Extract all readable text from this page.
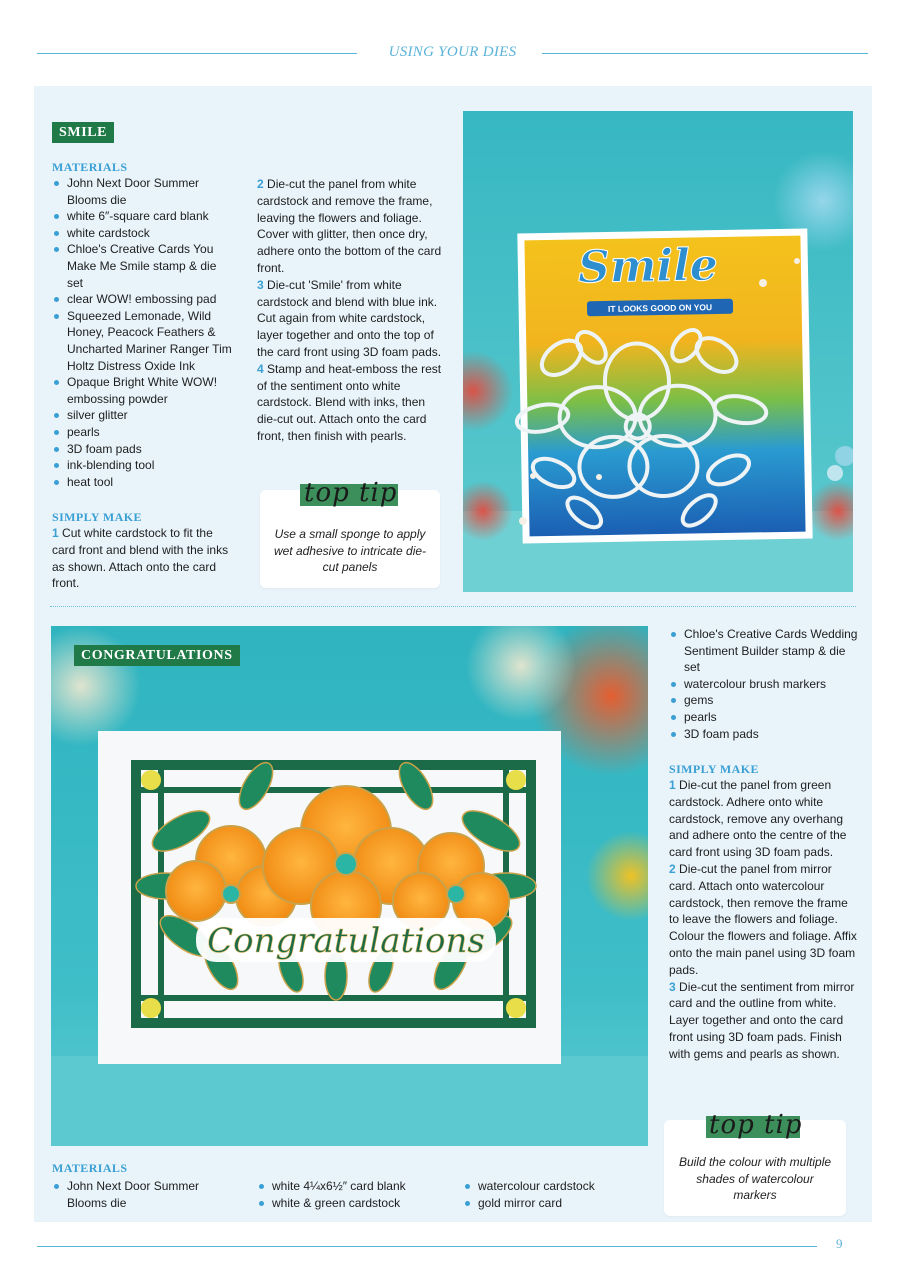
USING YOUR DIES
SMILE
MATERIALS
John Next Door Summer Blooms die
white 6″-square card blank
white cardstock
Chloe's Creative Cards You Make Me Smile stamp & die set
clear WOW! embossing pad
Squeezed Lemonade, Wild Honey, Peacock Feathers & Uncharted Mariner Ranger Tim Holtz Distress Oxide Ink
Opaque Bright White WOW! embossing powder
silver glitter
pearls
3D foam pads
ink-blending tool
heat tool
SIMPLY MAKE

1 Cut white cardstock to fit the card front and blend with the inks as shown. Attach onto the card front.

2 Die-cut the panel from white cardstock and remove the frame, leaving the flowers and foliage. Cover with glitter, then once dry, adhere onto the bottom of the card front.

3 Die-cut 'Smile' from white cardstock and blend with blue ink. Cut again from white cardstock, layer together and onto the top of the card front using 3D foam pads.

4 Stamp and heat-emboss the rest of the sentiment onto white cardstock. Blend with inks, then die-cut out. Attach onto the card front, then finish with pearls.

top tip
Use a small sponge to apply wet adhesive to intricate die-cut panels
Smile
IT LOOKS GOOD ON YOU
Congratulations
CONGRATULATIONS
Chloe's Creative Cards Wedding Sentiment Builder stamp & die set
watercolour brush markers
gems
pearls
3D foam pads
SIMPLY MAKE

1 Die-cut the panel from green cardstock. Adhere onto white cardstock, remove any overhang and adhere onto the centre of the card front using 3D foam pads.

2 Die-cut the panel from mirror card. Attach onto watercolour cardstock, then remove the frame to leave the flowers and foliage. Colour the flowers and foliage. Affix onto the main panel using 3D foam pads.

3 Die-cut the sentiment from mirror card and the outline from white. Layer together and onto the card front using 3D foam pads. Finish with gems and pearls as shown.

top tip
Build the colour with multiple shades of watercolour markers
MATERIALS
John Next Door Summer Blooms die
white 4¼x6½″ card blank
white & green cardstock
watercolour cardstock
gold mirror card
9
